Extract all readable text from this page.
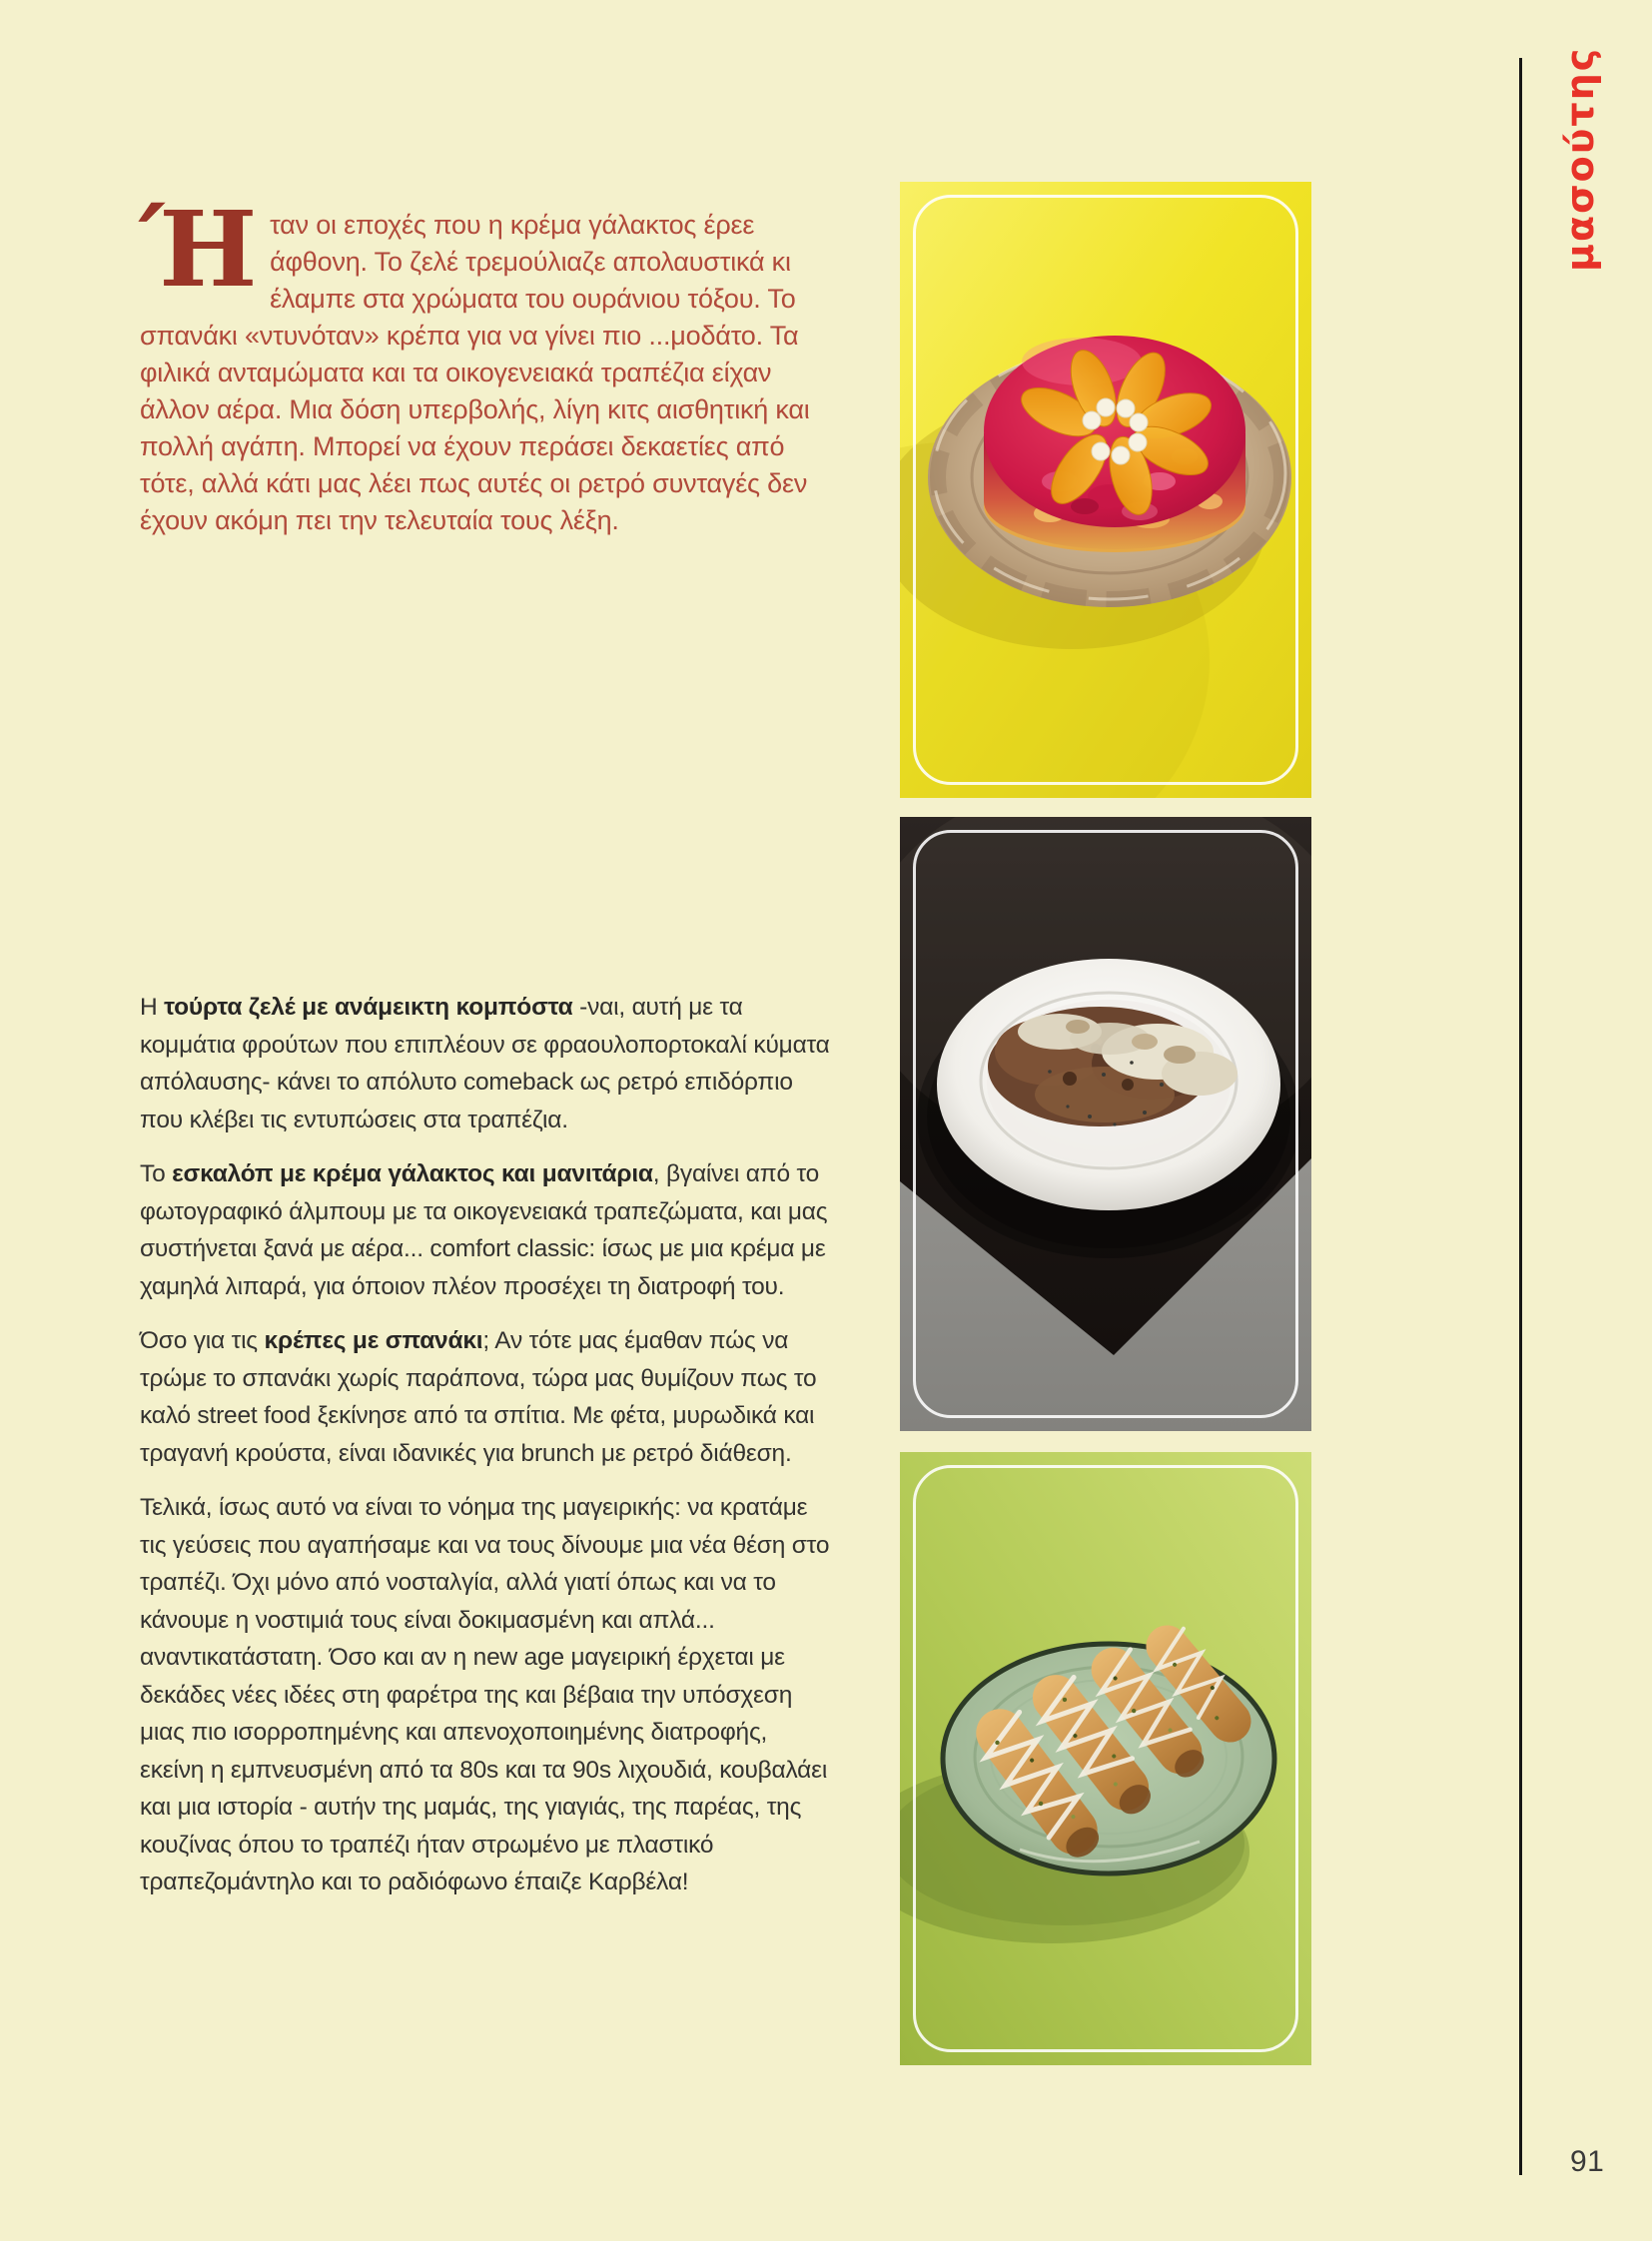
Ήταν οι εποχές που η κρέμα γάλακτος έρεε άφθονη. Το ζελέ τρεμούλιαζε απολαυστικά κι έλαμπε στα χρώματα του ουράνιου τόξου. Το σπανάκι «ντυνόταν» κρέπα για να γίνει πιο ...μοδάτο. Τα φιλικά ανταμώματα και τα οικογενειακά τραπέζια είχαν άλλον αέρα. Μια δόση υπερβολής, λίγη κιτς αισθητική και πολλή αγάπη. Μπορεί να έχουν περάσει δεκαετίες από τότε, αλλά κάτι μας λέει πως αυτές οι ρετρό συνταγές δεν έχουν ακόμη πει την τελευταία τους λέξη.

Η τούρτα ζελέ με ανάμεικτη κομπόστα -ναι, αυτή με τα κομμάτια φρούτων που επιπλέουν σε φραουλοπορτοκαλί κύματα απόλαυσης- κάνει το απόλυτο comeback ως ρετρό επιδόρπιο που κλέβει τις εντυπώσεις στα τραπέζια.

Το εσκαλόπ με κρέμα γάλακτος και μανιτάρια, βγαίνει από το φωτογραφικό άλμπουμ με τα οικογενειακά τραπεζώματα, και μας συστήνεται ξανά με αέρα... comfort classic: ίσως με μια κρέμα με χαμηλά λιπαρά, για όποιον πλέον προσέχει τη διατροφή του.

Όσο για τις κρέπες με σπανάκι; Αν τότε μας έμαθαν πώς να τρώμε το σπανάκι χωρίς παράπονα, τώρα μας θυμίζουν πως το καλό street food ξεκίνησε από τα σπίτια. Με φέτα, μυρωδικά και τραγανή κρούστα, είναι ιδανικές για brunch με ρετρό διάθεση.

Τελικά, ίσως αυτό να είναι το νόημα της μαγειρικής: να κρατάμε τις γεύσεις που αγαπήσαμε και να τους δίνουμε μια νέα θέση στο τραπέζι. Όχι μόνο από νοσταλγία, αλλά γιατί όπως και να το κάνουμε η νοστιμιά τους είναι δοκιμασμένη και απλά... αναντικατάστατη. Όσο και αν η new age μαγειρική έρχεται με δεκάδες νέες ιδέες στη φαρέτρα της και βέβαια την υπόσχεση μιας πιο ισορροπημένης και απενοχοποιημένης διατροφής, εκείνη η εμπνευσμένη από τα 80s και τα 90s λιχουδιά, κουβαλάει και μια ιστορία - αυτήν της μαμάς, της γιαγιάς, της παρέας, της κουζίνας όπου το τραπέζι ήταν στρωμένο με πλαστικό τραπεζομάντηλο και το ραδιόφωνο έπαιζε Καρβέλα!

μασούτης
91
